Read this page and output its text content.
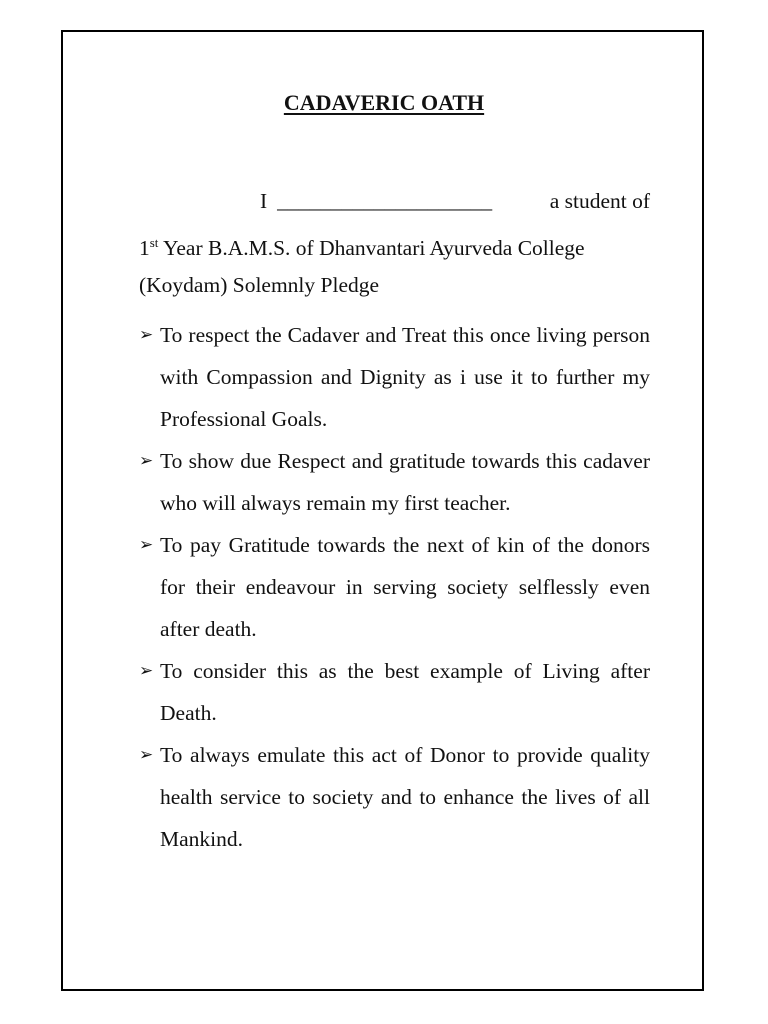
CADAVERIC OATH
I ____________________	a student of
1st Year B.A.M.S. of Dhanvantari Ayurveda College
(Koydam) Solemnly Pledge
➢ To respect the Cadaver and Treat this once living person with Compassion and Dignity as i use it to further my Professional Goals.
➢ To show due Respect and gratitude towards this cadaver who will always remain my first teacher.
➢ To pay Gratitude towards the next of kin of the donors for their endeavour in serving society selflessly even after death.
➢ To consider this as the best example of Living after Death.
➢ To always emulate this act of Donor to provide quality health service to society and to enhance the lives of all Mankind.
